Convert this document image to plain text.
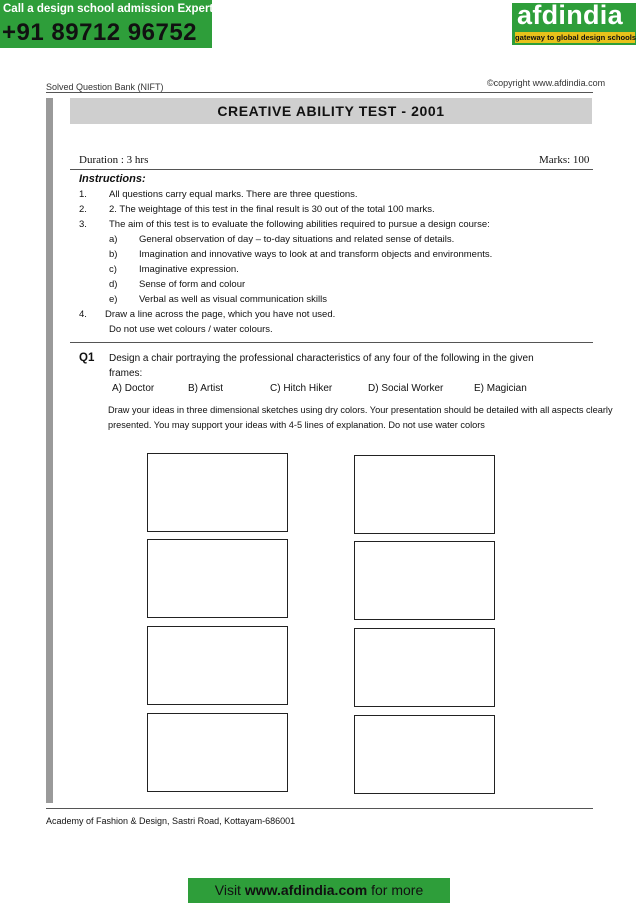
Call a design school admission Expert on
+91 89712 96752
afdindia
gateway to global design schools
Solved Question Bank (NIFT)	©copyright www.afdindia.com
CREATIVE ABILITY TEST - 2001
Duration : 3 hrs	Marks: 100
Instructions:
1. All questions carry equal marks. There are three questions.
2. 2. The weightage of this test in the final result is 30 out of the total 100 marks.
3. The aim of this test is to evaluate the following abilities required to pursue a design course:
a) General observation of day – to-day situations and related sense of details.
b) Imagination and innovative ways to look at and transform objects and environments.
c) Imaginative expression.
d) Sense of form and colour
e) Verbal as well as visual communication skills
4. Draw a line across the page, which you have not used.
Do not use wet colours / water colours.
Q1 Design a chair portraying the professional characteristics of any four of the following in the given
frames:
A) Doctor	B) Artist	C) Hitch Hiker	D) Social Worker	E) Magician
Draw your ideas in three dimensional sketches using dry colors. Your presentation should be detailed with all aspects clearly
presented. You may support your ideas with 4-5 lines of explanation. Do not use water colors
Academy of Fashion & Design, Sastri Road, Kottayam-686001
Visit www.afdindia.com for more
